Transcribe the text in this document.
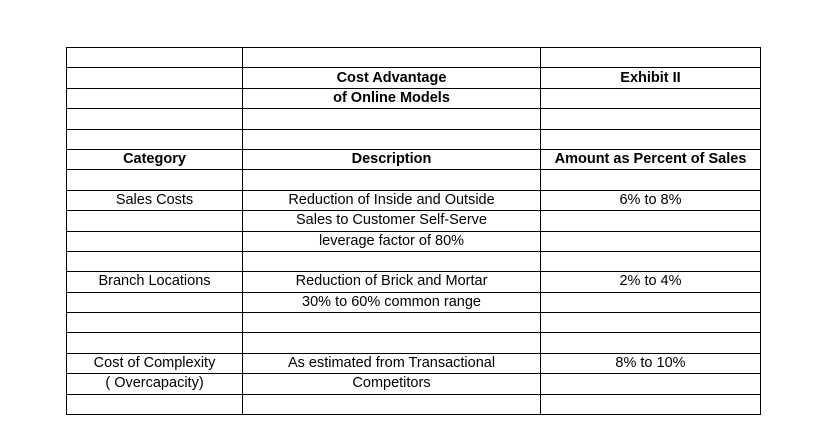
	Cost Advantage	Exhibit II
	of Online Models	

Category	Description	Amount as Percent of Sales

Sales Costs	Reduction of Inside and Outside	6% to 8%
	Sales to Customer Self-Serve	
	leverage factor of 80%	

Branch Locations	Reduction of Brick and Mortar	2% to 4%
	30% to 60% common range	

Cost of Complexity	As estimated from Transactional	8% to 10%
( Overcapacity)	Competitors	
